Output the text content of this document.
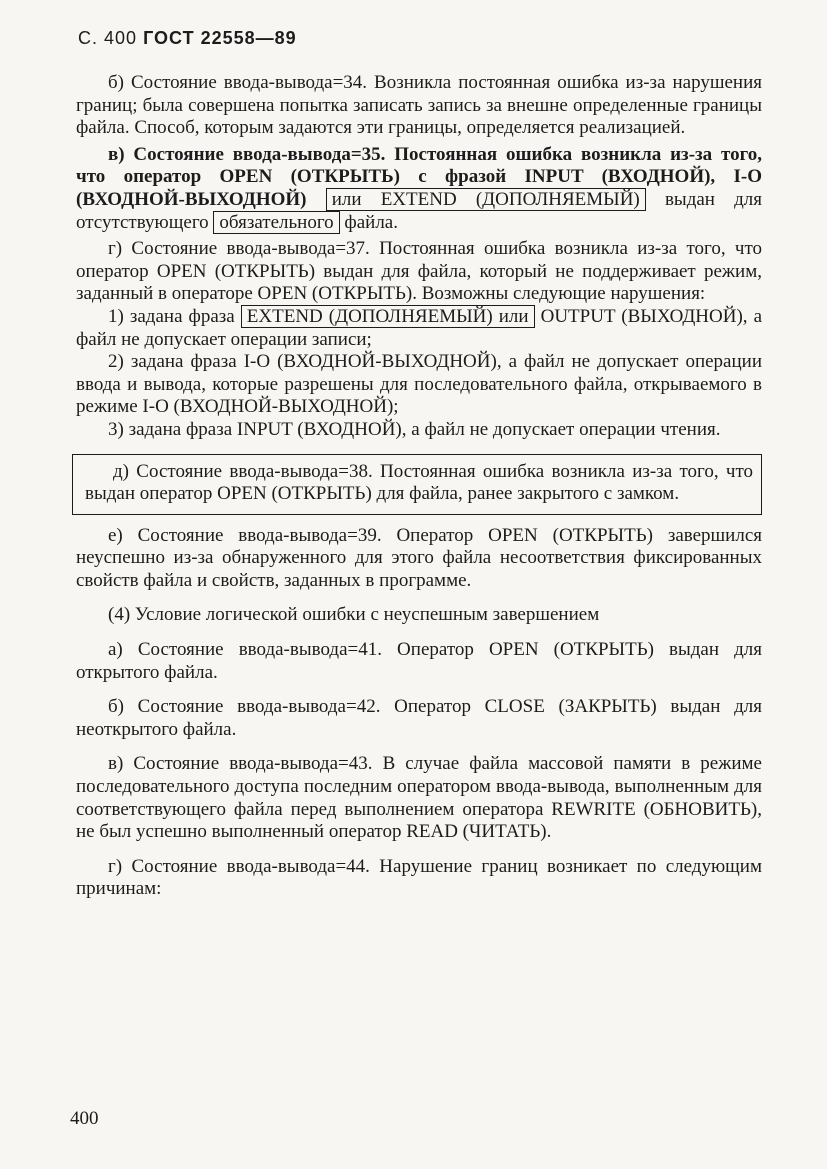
С. 400 ГОСТ 22558—89

б) Состояние ввода-вывода=34. Возникла постоянная ошибка из-за нарушения границ; была совершена попытка записать запись за внешне определенные границы файла. Способ, которым задаются эти границы, определяется реализацией.

в) Состояние ввода-вывода=35. Постоянная ошибка возникла из-за того, что оператор OPEN (ОТКРЫТЬ) с фразой INPUT (ВХОДНОЙ), I-O (ВХОДНОЙ-ВЫХОДНОЙ) или EXTEND (ДОПОЛНЯЕМЫЙ) выдан для отсутствующего обязательного файла.

г) Состояние ввода-вывода=37. Постоянная ошибка возникла из-за того, что оператор OPEN (ОТКРЫТЬ) выдан для файла, который не поддерживает режим, заданный в операторе OPEN (ОТКРЫТЬ). Возможны следующие нарушения:

1) задана фраза EXTEND (ДОПОЛНЯЕМЫЙ) или OUTPUT (ВЫХОДНОЙ), а файл не допускает операции записи;

2) задана фраза I-O (ВХОДНОЙ-ВЫХОДНОЙ), а файл не допускает операции ввода и вывода, которые разрешены для последовательного файла, открываемого в режиме I-O (ВХОДНОЙ-ВЫХОДНОЙ);

3) задана фраза INPUT (ВХОДНОЙ), а файл не допускает операции чтения.

д) Состояние ввода-вывода=38. Постоянная ошибка возникла из-за того, что выдан оператор OPEN (ОТКРЫТЬ) для файла, ранее закрытого с замком.

е) Состояние ввода-вывода=39. Оператор OPEN (ОТКРЫТЬ) завершился неуспешно из-за обнаруженного для этого файла несоответствия фиксированных свойств файла и свойств, заданных в программе.

(4) Условие логической ошибки с неуспешным завершением

а) Состояние ввода-вывода=41. Оператор OPEN (ОТКРЫТЬ) выдан для открытого файла.

б) Состояние ввода-вывода=42. Оператор CLOSE (ЗАКРЫТЬ) выдан для неоткрытого файла.

в) Состояние ввода-вывода=43. В случае файла массовой памяти в режиме последовательного доступа последним оператором ввода-вывода, выполненным для соответствующего файла перед выполнением оператора REWRITE (ОБНОВИТЬ), не был успешно выполненный оператор READ (ЧИТАТЬ).

г) Состояние ввода-вывода=44. Нарушение границ возникает по следующим причинам:

400
